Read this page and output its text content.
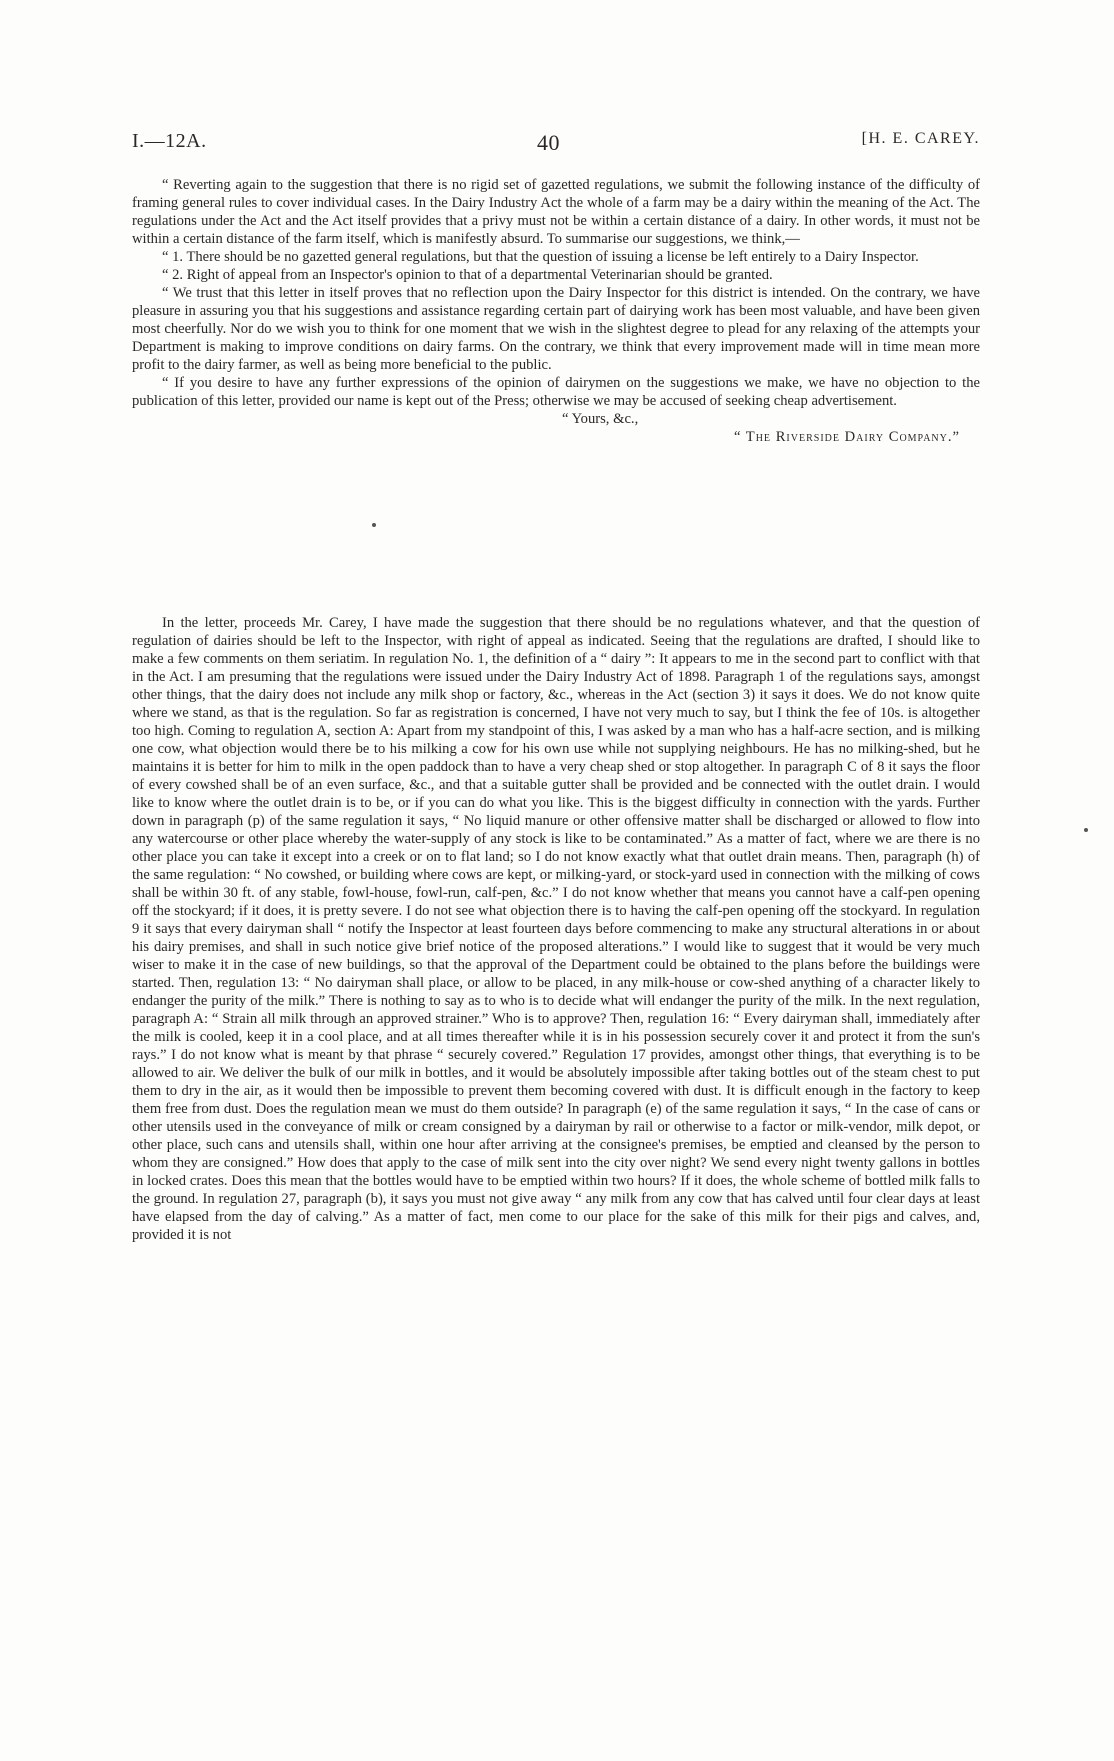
I.—12A.	40	[H. E. CAREY.

“ Reverting again to the suggestion that there is no rigid set of gazetted regulations, we submit the following instance of the difficulty of framing general rules to cover individual cases. In the Dairy Industry Act the whole of a farm may be a dairy within the meaning of the Act. The regulations under the Act and the Act itself provides that a privy must not be within a certain distance of a dairy. In other words, it must not be within a certain distance of the farm itself, which is manifestly absurd. To summarise our suggestions, we think,—

“ 1. There should be no gazetted general regulations, but that the question of issuing a license be left entirely to a Dairy Inspector.

“ 2. Right of appeal from an Inspector's opinion to that of a departmental Veterinarian should be granted.

“ We trust that this letter in itself proves that no reflection upon the Dairy Inspector for this district is intended. On the contrary, we have pleasure in assuring you that his suggestions and assistance regarding certain part of dairying work has been most valuable, and have been given most cheerfully. Nor do we wish you to think for one moment that we wish in the slightest degree to plead for any relaxing of the attempts your Department is making to improve conditions on dairy farms. On the contrary, we think that every improvement made will in time mean more profit to the dairy farmer, as well as being more beneficial to the public.

“ If you desire to have any further expressions of the opinion of dairymen on the suggestions we make, we have no objection to the publication of this letter, provided our name is kept out of the Press; otherwise we may be accused of seeking cheap advertisement.

“ Yours, &c.,

“ The Riverside Dairy Company.”

In the letter, proceeds Mr. Carey, I have made the suggestion that there should be no regulations whatever, and that the question of regulation of dairies should be left to the Inspector, with right of appeal as indicated. Seeing that the regulations are drafted, I should like to make a few comments on them seriatim. In regulation No. 1, the definition of a “ dairy ”: It appears to me in the second part to conflict with that in the Act. I am presuming that the regulations were issued under the Dairy Industry Act of 1898. Paragraph 1 of the regulations says, amongst other things, that the dairy does not include any milk shop or factory, &c., whereas in the Act (section 3) it says it does. We do not know quite where we stand, as that is the regulation. So far as registration is concerned, I have not very much to say, but I think the fee of 10s. is altogether too high. Coming to regulation A, section A: Apart from my standpoint of this, I was asked by a man who has a half-acre section, and is milking one cow, what objection would there be to his milking a cow for his own use while not supplying neighbours. He has no milking-shed, but he maintains it is better for him to milk in the open paddock than to have a very cheap shed or stop altogether. In paragraph C of 8 it says the floor of every cowshed shall be of an even surface, &c., and that a suitable gutter shall be provided and be connected with the outlet drain. I would like to know where the outlet drain is to be, or if you can do what you like. This is the biggest difficulty in connection with the yards. Further down in paragraph (p) of the same regulation it says, “ No liquid manure or other offensive matter shall be discharged or allowed to flow into any watercourse or other place whereby the water-supply of any stock is like to be contaminated.” As a matter of fact, where we are there is no other place you can take it except into a creek or on to flat land; so I do not know exactly what that outlet drain means. Then, paragraph (h) of the same regulation: “ No cowshed, or building where cows are kept, or milking-yard, or stock-yard used in connection with the milking of cows shall be within 30 ft. of any stable, fowl-house, fowl-run, calf-pen, &c.” I do not know whether that means you cannot have a calf-pen opening off the stockyard; if it does, it is pretty severe. I do not see what objection there is to having the calf-pen opening off the stockyard. In regulation 9 it says that every dairyman shall “ notify the Inspector at least fourteen days before commencing to make any structural alterations in or about his dairy premises, and shall in such notice give brief notice of the proposed alterations.” I would like to suggest that it would be very much wiser to make it in the case of new buildings, so that the approval of the Department could be obtained to the plans before the buildings were started. Then, regulation 13: “ No dairyman shall place, or allow to be placed, in any milk-house or cow-shed anything of a character likely to endanger the purity of the milk.” There is nothing to say as to who is to decide what will endanger the purity of the milk. In the next regulation, paragraph A: “ Strain all milk through an approved strainer.” Who is to approve? Then, regulation 16: “ Every dairyman shall, immediately after the milk is cooled, keep it in a cool place, and at all times thereafter while it is in his possession securely cover it and protect it from the sun's rays.” I do not know what is meant by that phrase “ securely covered.” Regulation 17 provides, amongst other things, that everything is to be allowed to air. We deliver the bulk of our milk in bottles, and it would be absolutely impossible after taking bottles out of the steam chest to put them to dry in the air, as it would then be impossible to prevent them becoming covered with dust. It is difficult enough in the factory to keep them free from dust. Does the regulation mean we must do them outside? In paragraph (e) of the same regulation it says, “ In the case of cans or other utensils used in the conveyance of milk or cream consigned by a dairyman by rail or otherwise to a factor or milk-vendor, milk depot, or other place, such cans and utensils shall, within one hour after arriving at the consignee's premises, be emptied and cleansed by the person to whom they are consigned.” How does that apply to the case of milk sent into the city over night? We send every night twenty gallons in bottles in locked crates. Does this mean that the bottles would have to be emptied within two hours? If it does, the whole scheme of bottled milk falls to the ground. In regulation 27, paragraph (b), it says you must not give away “ any milk from any cow that has calved until four clear days at least have elapsed from the day of calving.” As a matter of fact, men come to our place for the sake of this milk for their pigs and calves, and, provided it is not
